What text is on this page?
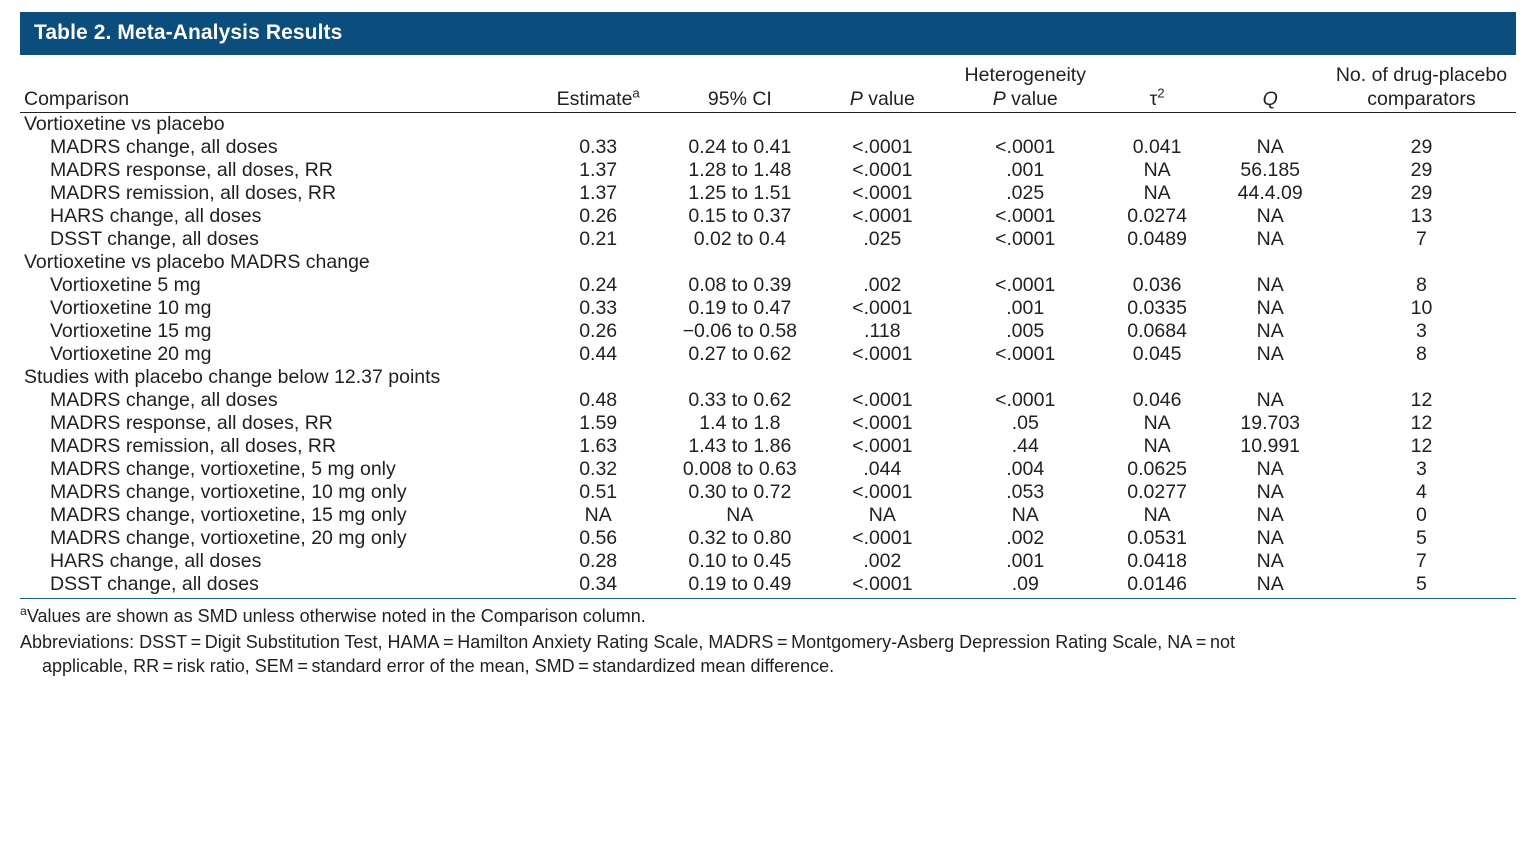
Table 2. Meta-Analysis Results
				Heterogeneity			No. of drug-placebo
Comparison	Estimate$^a$	95% CI	P value	P value	$\tau^2$	Q	comparators

Vortioxetine vs placebo							
MADRS change, all doses	0.33	0.24 to 0.41	<.0001	<.0001	0.041	NA	29
MADRS response, all doses, RR	1.37	1.28 to 1.48	<.0001	.001	NA	56.185	29
MADRS remission, all doses, RR	1.37	1.25 to 1.51	<.0001	.025	NA	44.4.09	29
HARS change, all doses	0.26	0.15 to 0.37	<.0001	<.0001	0.0274	NA	13
DSST change, all doses	0.21	0.02 to 0.4	.025	<.0001	0.0489	NA	7
Vortioxetine vs placebo MADRS change							
Vortioxetine 5 mg	0.24	0.08 to 0.39	.002	<.0001	0.036	NA	8
Vortioxetine 10 mg	0.33	0.19 to 0.47	<.0001	.001	0.0335	NA	10
Vortioxetine 15 mg	0.26	−0.06 to 0.58	.118	.005	0.0684	NA	3
Vortioxetine 20 mg	0.44	0.27 to 0.62	<.0001	<.0001	0.045	NA	8
Studies with placebo change below 12.37 points							
MADRS change, all doses	0.48	0.33 to 0.62	<.0001	<.0001	0.046	NA	12
MADRS response, all doses, RR	1.59	1.4 to 1.8	<.0001	.05	NA	19.703	12
MADRS remission, all doses, RR	1.63	1.43 to 1.86	<.0001	.44	NA	10.991	12
MADRS change, vortioxetine, 5 mg only	0.32	0.008 to 0.63	.044	.004	0.0625	NA	3
MADRS change, vortioxetine, 10 mg only	0.51	0.30 to 0.72	<.0001	.053	0.0277	NA	4
MADRS change, vortioxetine, 15 mg only	NA	NA	NA	NA	NA	NA	0
MADRS change, vortioxetine, 20 mg only	0.56	0.32 to 0.80	<.0001	.002	0.0531	NA	5
HARS change, all doses	0.28	0.10 to 0.45	.002	.001	0.0418	NA	7
DSST change, all doses	0.34	0.19 to 0.49	<.0001	.09	0.0146	NA	5

$^a$Values are shown as SMD unless otherwise noted in the Comparison column.

Abbreviations: DSST = Digit Substitution Test, HAMA = Hamilton Anxiety Rating Scale, MADRS = Montgomery-Asberg Depression Rating Scale, NA = not
applicable, RR = risk ratio, SEM = standard error of the mean, SMD = standardized mean difference.
